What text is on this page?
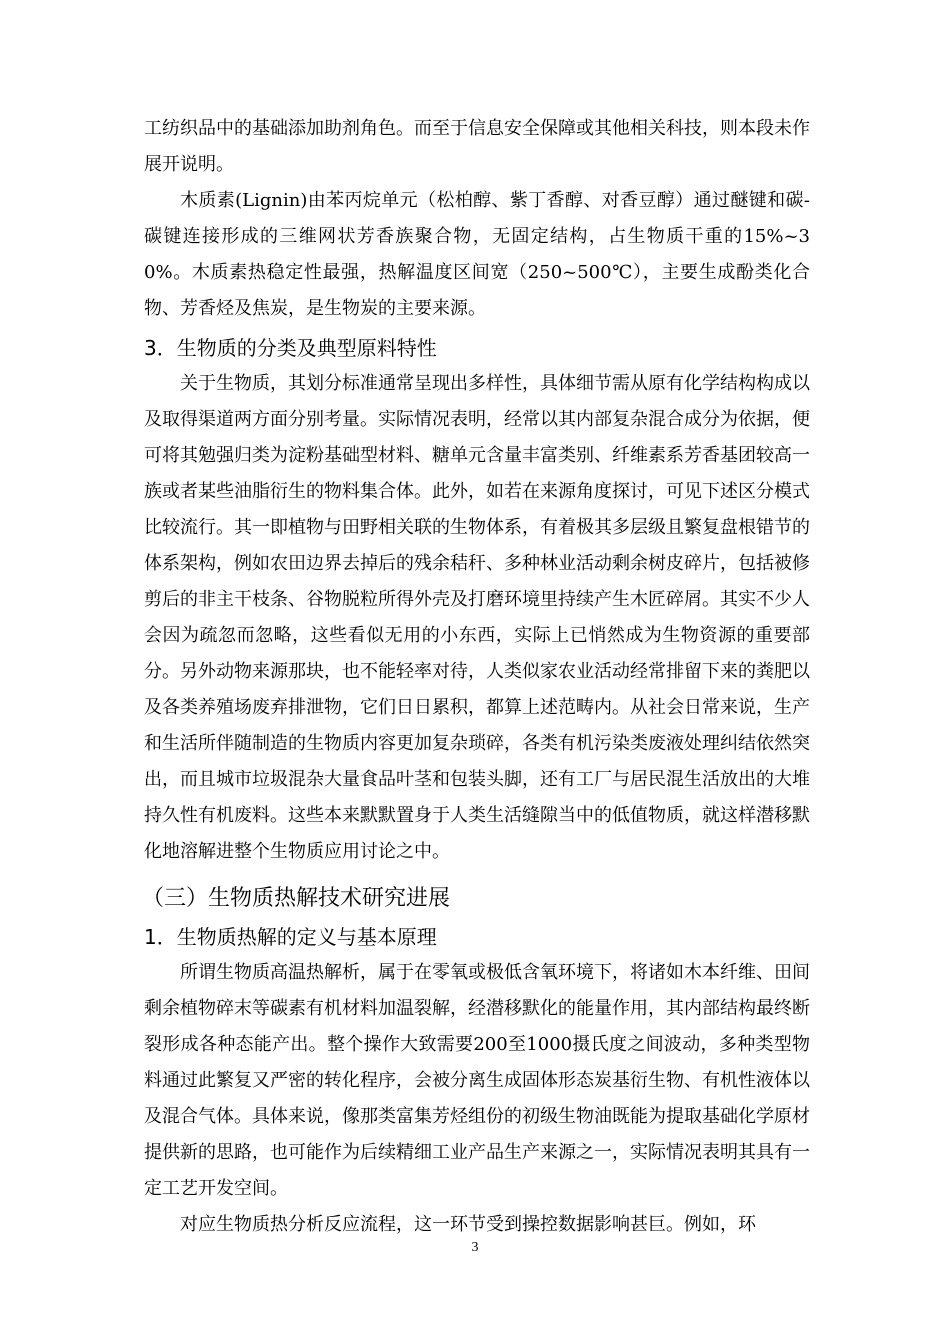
工纺织品中的基础添加助剂角色。而至于信息安全保障或其他相关科技，则本段未作展开说明。

木质素(Lignin)由苯丙烷单元（松柏醇、紫丁香醇、对香豆醇）通过醚键和碳-碳键连接形成的三维网状芳香族聚合物，无固定结构，占生物质干重的15%~30%。木质素热稳定性最强，热解温度区间宽（250~500℃），主要生成酚类化合物、芳香烃及焦炭，是生物炭的主要来源。

3．生物质的分类及典型原料特性

关于生物质，其划分标准通常呈现出多样性，具体细节需从原有化学结构构成以及取得渠道两方面分别考量。实际情况表明，经常以其内部复杂混合成分为依据，便可将其勉强归类为淀粉基础型材料、糖单元含量丰富类别、纤维素系芳香基团较高一族或者某些油脂衍生的物料集合体。此外，如若在来源角度探讨，可见下述区分模式比较流行。其一即植物与田野相关联的生物体系，有着极其多层级且繁复盘根错节的体系架构，例如农田边界去掉后的残余秸秆、多种林业活动剩余树皮碎片，包括被修剪后的非主干枝条、谷物脱粒所得外壳及打磨环境里持续产生木匠碎屑。其实不少人会因为疏忽而忽略，这些看似无用的小东西，实际上已悄然成为生物资源的重要部分。另外动物来源那块，也不能轻率对待，人类似家农业活动经常排留下来的粪肥以及各类养殖场废弃排泄物，它们日日累积，都算上述范畴内。从社会日常来说，生产和生活所伴随制造的生物质内容更加复杂琐碎，各类有机污染类废液处理纠结依然突出，而且城市垃圾混杂大量食品叶茎和包装头脚，还有工厂与居民混生活放出的大堆持久性有机废料。这些本来默默置身于人类生活缝隙当中的低值物质，就这样潜移默化地溶解进整个生物质应用讨论之中。

（三）生物质热解技术研究进展
1．生物质热解的定义与基本原理

所谓生物质高温热解析，属于在零氧或极低含氧环境下，将诸如木本纤维、田间剩余植物碎末等碳素有机材料加温裂解，经潜移默化的能量作用，其内部结构最终断裂形成各种态能产出。整个操作大致需要200至1000摄氏度之间波动，多种类型物料通过此繁复又严密的转化程序，会被分离生成固体形态炭基衍生物、有机性液体以及混合气体。具体来说，像那类富集芳烃组份的初级生物油既能为提取基础化学原材提供新的思路，也可能作为后续精细工业产品生产来源之一，实际情况表明其具有一定工艺开发空间。

对应生物质热分析反应流程，这一环节受到操控数据影响甚巨。例如，环

3
